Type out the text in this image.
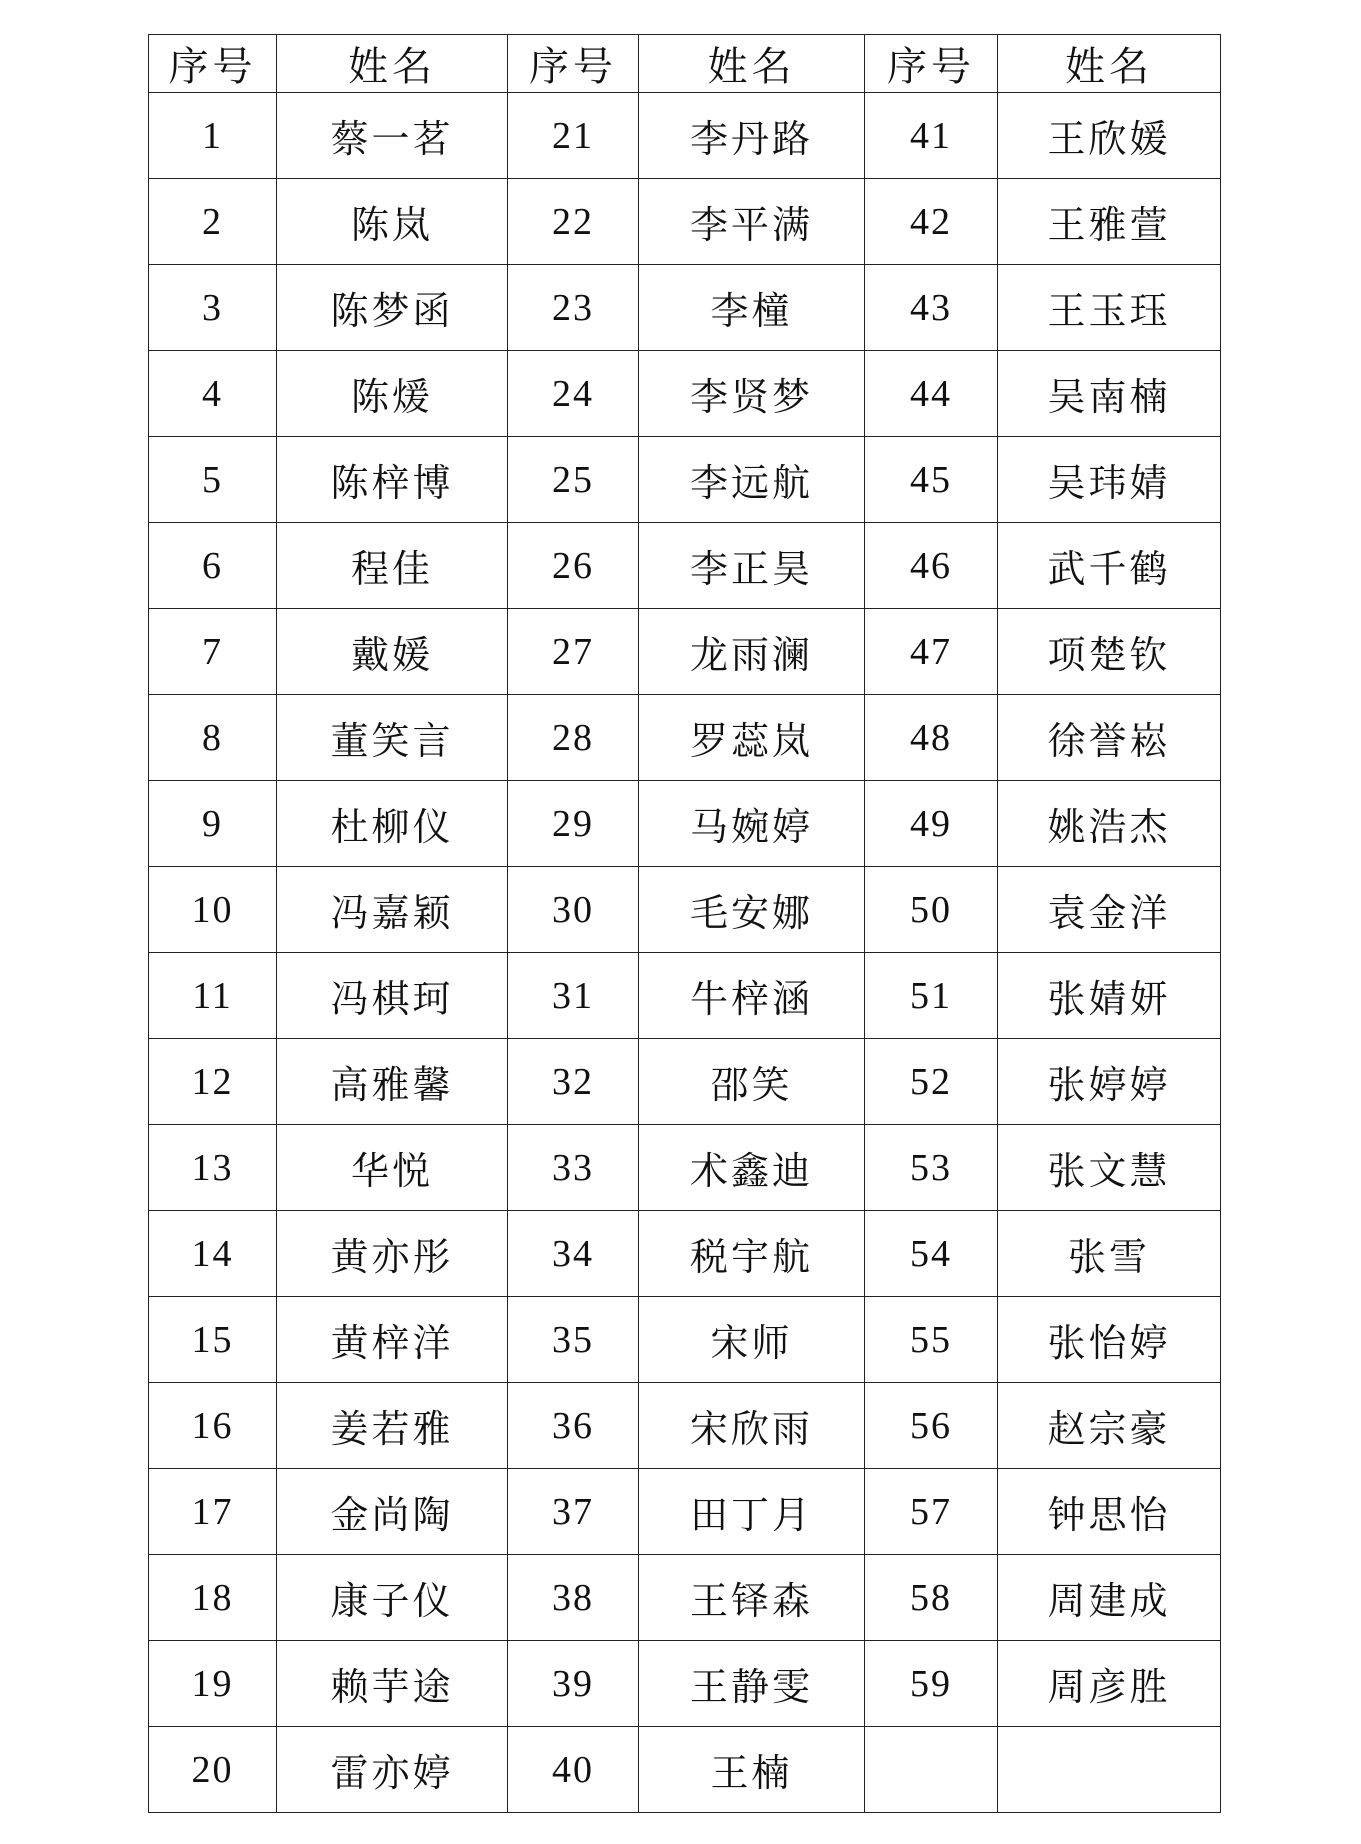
序号	姓名	序号	姓名	序号	姓名
1	蔡一茗	21	李丹路	41	王欣媛
2	陈岚	22	李平满	42	王雅萱
3	陈梦函	23	李橦	43	王玉珏
4	陈煖	24	李贤梦	44	吴南楠
5	陈梓博	25	李远航	45	吴玮婧
6	程佳	26	李正昊	46	武千鹤
7	戴媛	27	龙雨澜	47	项楚钦
8	董笑言	28	罗蕊岚	48	徐誉崧
9	杜柳仪	29	马婉婷	49	姚浩杰
10	冯嘉颖	30	毛安娜	50	袁金洋
11	冯棋珂	31	牛梓涵	51	张婧妍
12	高雅馨	32	邵笑	52	张婷婷
13	华悦	33	术鑫迪	53	张文慧
14	黄亦彤	34	税宇航	54	张雪
15	黄梓洋	35	宋师	55	张怡婷
16	姜若雅	36	宋欣雨	56	赵宗豪
17	金尚陶	37	田丁月	57	钟思怡
18	康子仪	38	王铎森	58	周建成
19	赖芋途	39	王静雯	59	周彦胜
20	雷亦婷	40	王楠		
